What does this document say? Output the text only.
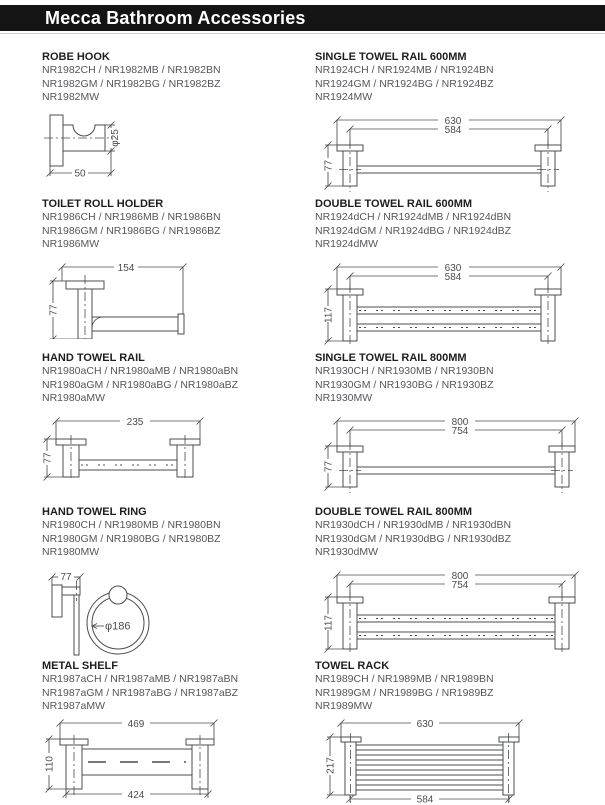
Mecca Bathroom Accessories
ROBE HOOK
NR1982CH / NR1982MB / NR1982BN
NR1982GM / NR1982BG / NR1982BZ
NR1982MW
φ25
50
SINGLE TOWEL RAIL 600MM
NR1924CH / NR1924MB / NR1924BN
NR1924GM / NR1924BG / NR1924BZ
NR1924MW
630
584
77
TOILET ROLL HOLDER
NR1986CH / NR1986MB / NR1986BN
NR1986GM / NR1986BG / NR1986BZ
NR1986MW
154
77
DOUBLE TOWEL RAIL 600MM
NR1924dCH / NR1924dMB / NR1924dBN
NR1924dGM / NR1924dBG / NR1924dBZ
NR1924dMW
630
584
117
HAND TOWEL RAIL
NR1980aCH / NR1980aMB / NR1980aBN
NR1980aGM / NR1980aBG / NR1980aBZ
NR1980aMW
235
77
SINGLE TOWEL RAIL 800MM
NR1930CH / NR1930MB / NR1930BN
NR1930GM / NR1930BG / NR1930BZ
NR1930MW
800
754
77
HAND TOWEL RING
NR1980CH / NR1980MB / NR1980BN
NR1980GM / NR1980BG / NR1980BZ
NR1980MW
77
φ186
DOUBLE TOWEL RAIL 800MM
NR1930dCH / NR1930dMB / NR1930dBN
NR1930dGM / NR1930dBG / NR1930dBZ
NR1930dMW
800
754
117
METAL SHELF
NR1987aCH / NR1987aMB / NR1987aBN
NR1987aGM / NR1987aBG / NR1987aBZ
NR1987aMW
469
424
110
TOWEL RACK
NR1989CH / NR1989MB / NR1989BN
NR1989GM / NR1989BG / NR1989BZ
NR1989MW
630
584
217
